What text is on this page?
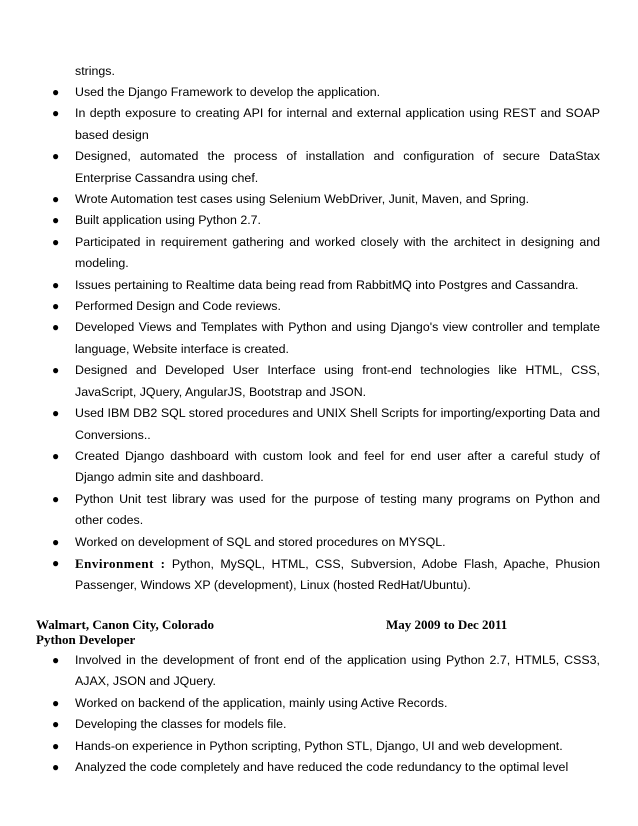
strings.
● Used the Django Framework to develop the application.
● In depth exposure to creating API for internal and external application using REST and SOAP based design
● Designed, automated the process of installation and configuration of secure DataStax Enterprise Cassandra using chef.
● Wrote Automation test cases using Selenium WebDriver, Junit, Maven, and Spring.
● Built application using Python 2.7.
● Participated in requirement gathering and worked closely with the architect in designing and modeling.
● Issues pertaining to Realtime data being read from RabbitMQ into Postgres and Cassandra.
● Performed Design and Code reviews.
● Developed Views and Templates with Python and using Django's view controller and template language, Website interface is created.
● Designed and Developed User Interface using front-end technologies like HTML, CSS, JavaScript, JQuery, AngularJS, Bootstrap and JSON.
● Used IBM DB2 SQL stored procedures and UNIX Shell Scripts for importing/exporting Data and Conversions..
● Created Django dashboard with custom look and feel for end user after a careful study of Django admin site and dashboard.
● Python Unit test library was used for the purpose of testing many programs on Python and other codes.
● Worked on development of SQL and stored procedures on MYSQL.
● Environment : Python, MySQL, HTML, CSS, Subversion, Adobe Flash, Apache, Phusion Passenger, Windows XP (development), Linux (hosted RedHat/Ubuntu).
Walmart, Canon City, Colorado	May 2009 to Dec 2011
Python Developer
● Involved in the development of front end of the application using Python 2.7, HTML5, CSS3, AJAX, JSON and JQuery.
● Worked on backend of the application, mainly using Active Records.
● Developing the classes for models file.
● Hands-on experience in Python scripting, Python STL, Django, UI and web development.
● Analyzed the code completely and have reduced the code redundancy to the optimal level
